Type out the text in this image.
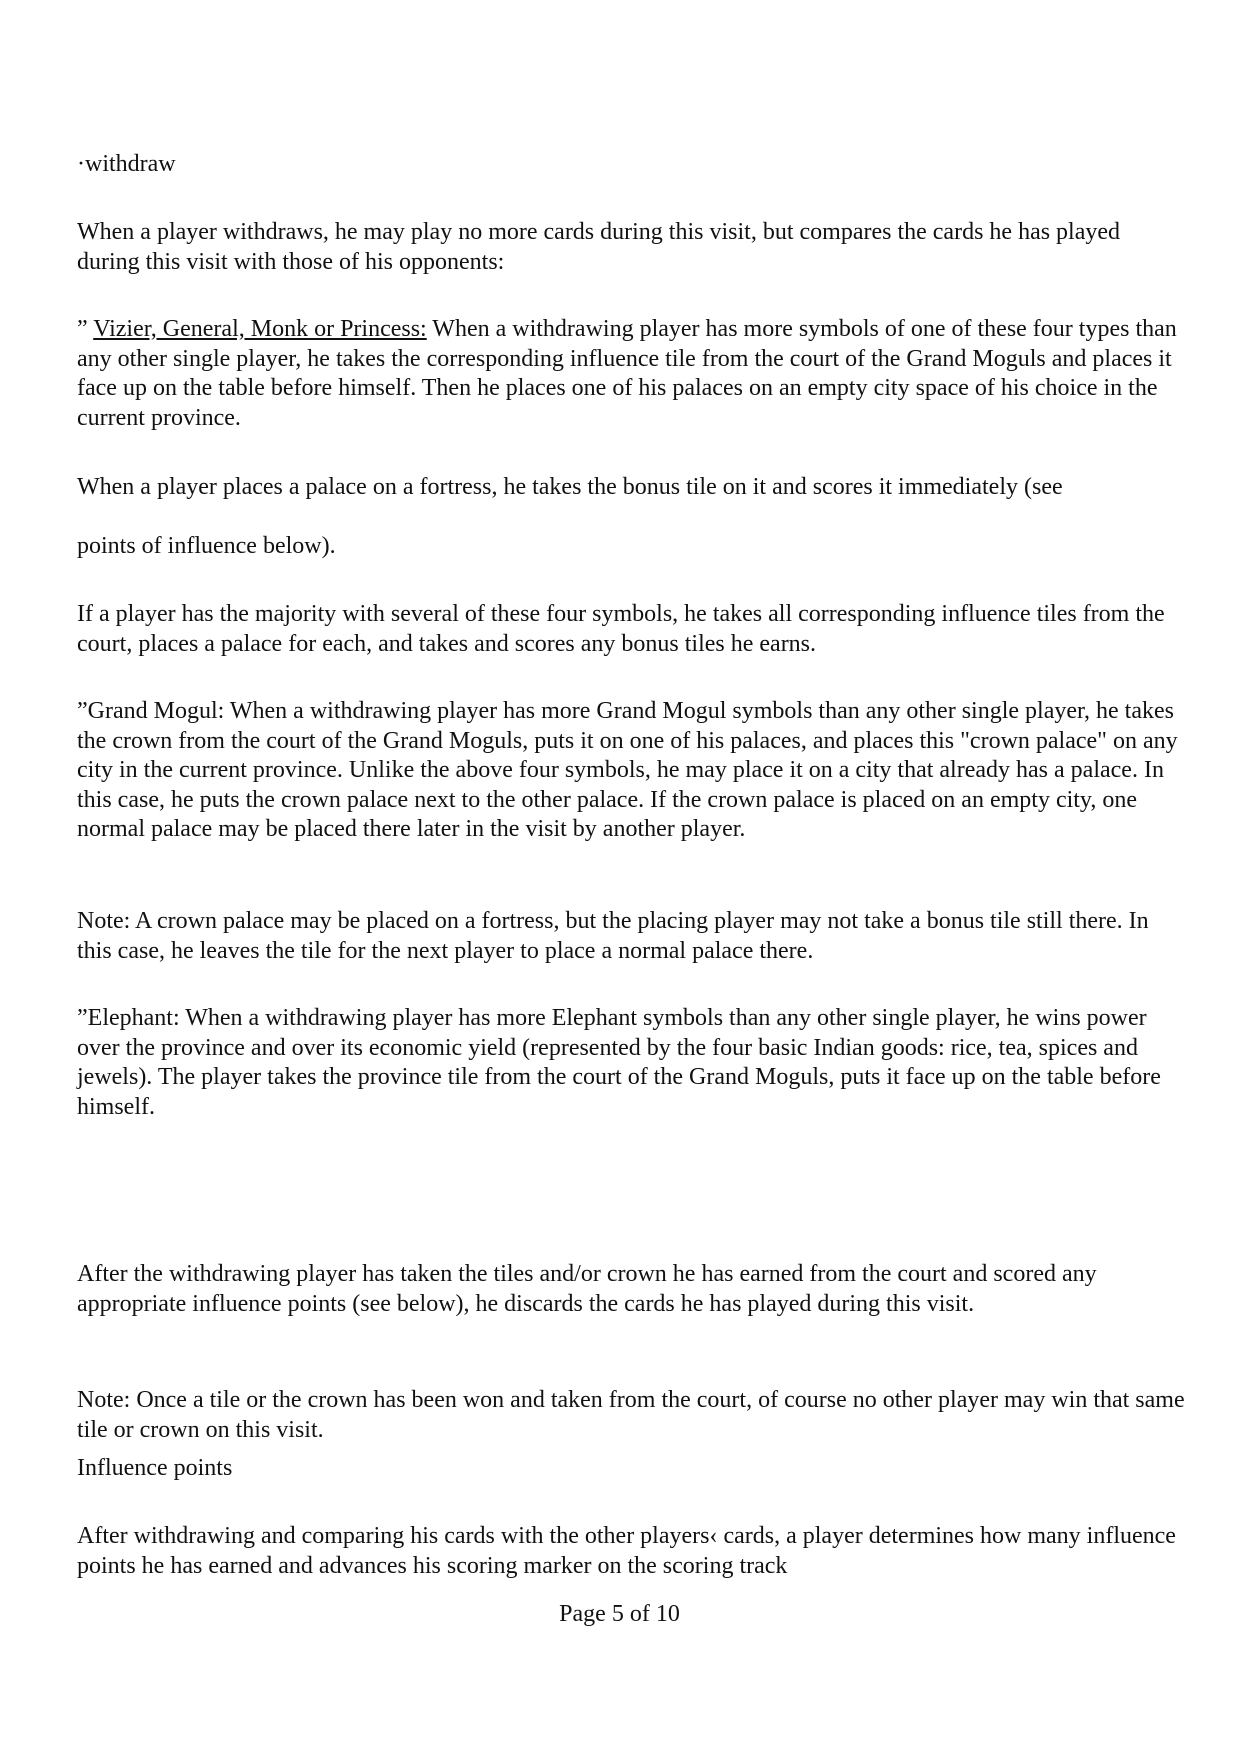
·withdraw

When a player withdraws, he may play no more cards during this visit, but compares the cards he has played during this visit with those of his opponents:

” Vizier, General, Monk or Princess: When a withdrawing player has more symbols of one of these four types than any other single player, he takes the corresponding influence tile from the court of the Grand Moguls and places it face up on the table before himself. Then he places one of his palaces on an empty city space of his choice in the current province.

When a player places a palace on a fortress, he takes the bonus tile on it and scores it immediately (see

points of influence below).

If a player has the majority with several of these four symbols, he takes all corresponding influence tiles from the court, places a palace for each, and takes and scores any bonus tiles he earns.

”Grand Mogul: When a withdrawing player has more Grand Mogul symbols than any other single player, he takes the crown from the court of the Grand Moguls, puts it on one of his palaces, and places this "crown palace" on any city in the current province. Unlike the above four symbols, he may place it on a city that already has a palace. In this case, he puts the crown palace next to the other palace. If the crown palace is placed on an empty city, one normal palace may be placed there later in the visit by another player.

Note: A crown palace may be placed on a fortress, but the placing player may not take a bonus tile still there. In this case, he leaves the tile for the next player to place a normal palace there.

”Elephant: When a withdrawing player has more Elephant symbols than any other single player, he wins power over the province and over its economic yield (represented by the four basic Indian goods: rice, tea, spices and jewels). The player takes the province tile from the court of the Grand Moguls, puts it face up on the table before himself.

After the withdrawing player has taken the tiles and/or crown he has earned from the court and scored any appropriate influence points (see below), he discards the cards he has played during this visit.

Note: Once a tile or the crown has been won and taken from the court, of course no other player may win that same tile or crown on this visit.

Influence points

After withdrawing and comparing his cards with the other players‹ cards, a player determines how many influence points he has earned and advances his scoring marker on the scoring track

Page 5 of 10
